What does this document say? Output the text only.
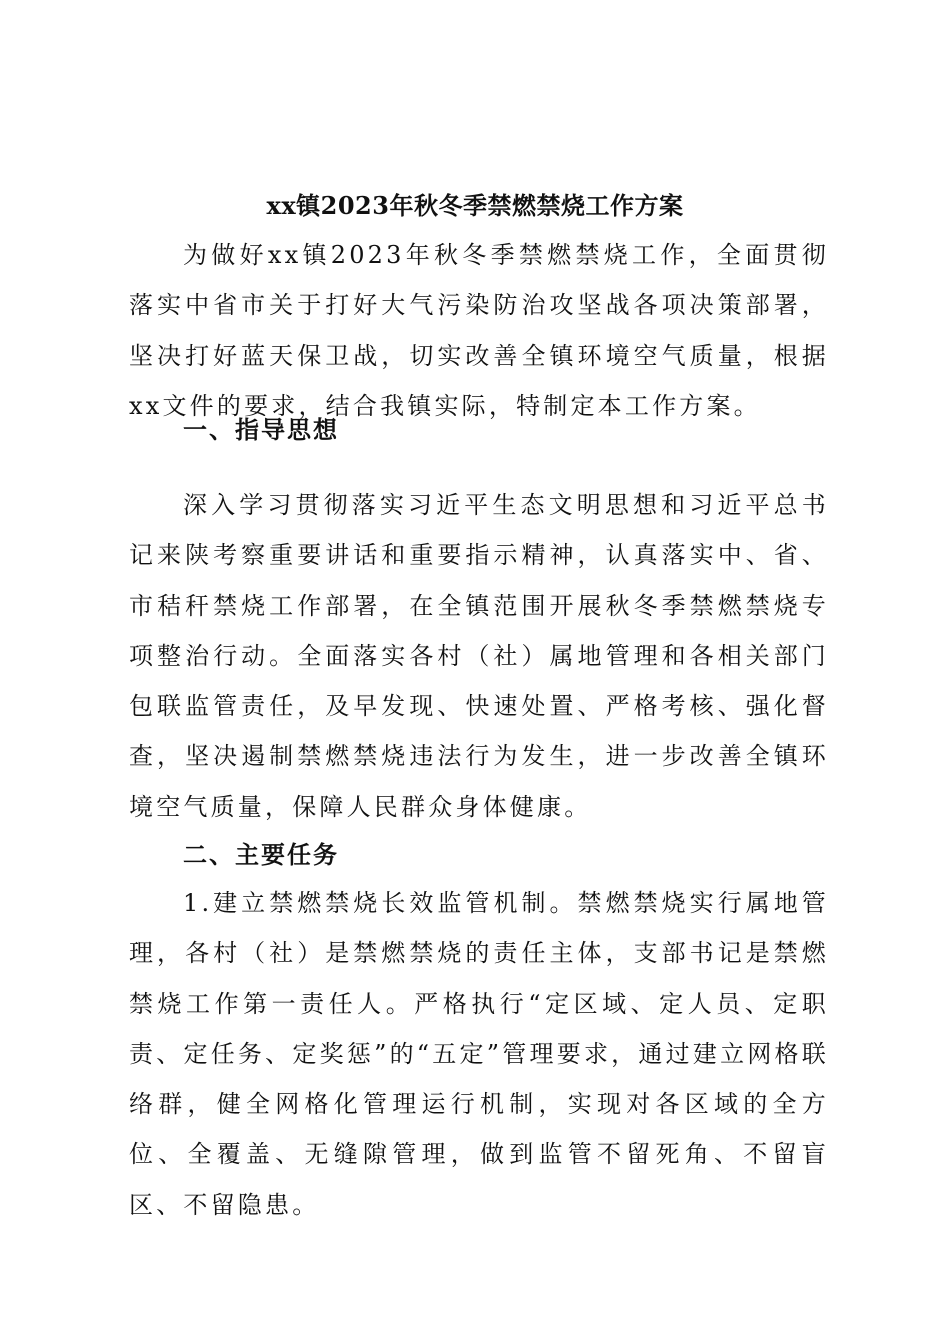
xx镇2023年秋冬季禁燃禁烧工作方案

为做好xx镇2023年秋冬季禁燃禁烧工作，全面贯彻落实中省市关于打好大气污染防治攻坚战各项决策部署，坚决打好蓝天保卫战，切实改善全镇环境空气质量，根据xx文件的要求，结合我镇实际，特制定本工作方案。

一、指导思想

深入学习贯彻落实习近平生态文明思想和习近平总书记来陕考察重要讲话和重要指示精神，认真落实中、省、市秸秆禁烧工作部署，在全镇范围开展秋冬季禁燃禁烧专项整治行动。全面落实各村（社）属地管理和各相关部门包联监管责任，及早发现、快速处置、严格考核、强化督查，坚决遏制禁燃禁烧违法行为发生，进一步改善全镇环境空气质量，保障人民群众身体健康。

二、主要任务

1.建立禁燃禁烧长效监管机制。禁燃禁烧实行属地管理，各村（社）是禁燃禁烧的责任主体，支部书记是禁燃禁烧工作第一责任人。严格执行“定区域、定人员、定职责、定任务、定奖惩”的“五定”管理要求，通过建立网格联络群，健全网格化管理运行机制，实现对各区域的全方位、全覆盖、无缝隙管理，做到监管不留死角、不留盲区、不留隐患。
